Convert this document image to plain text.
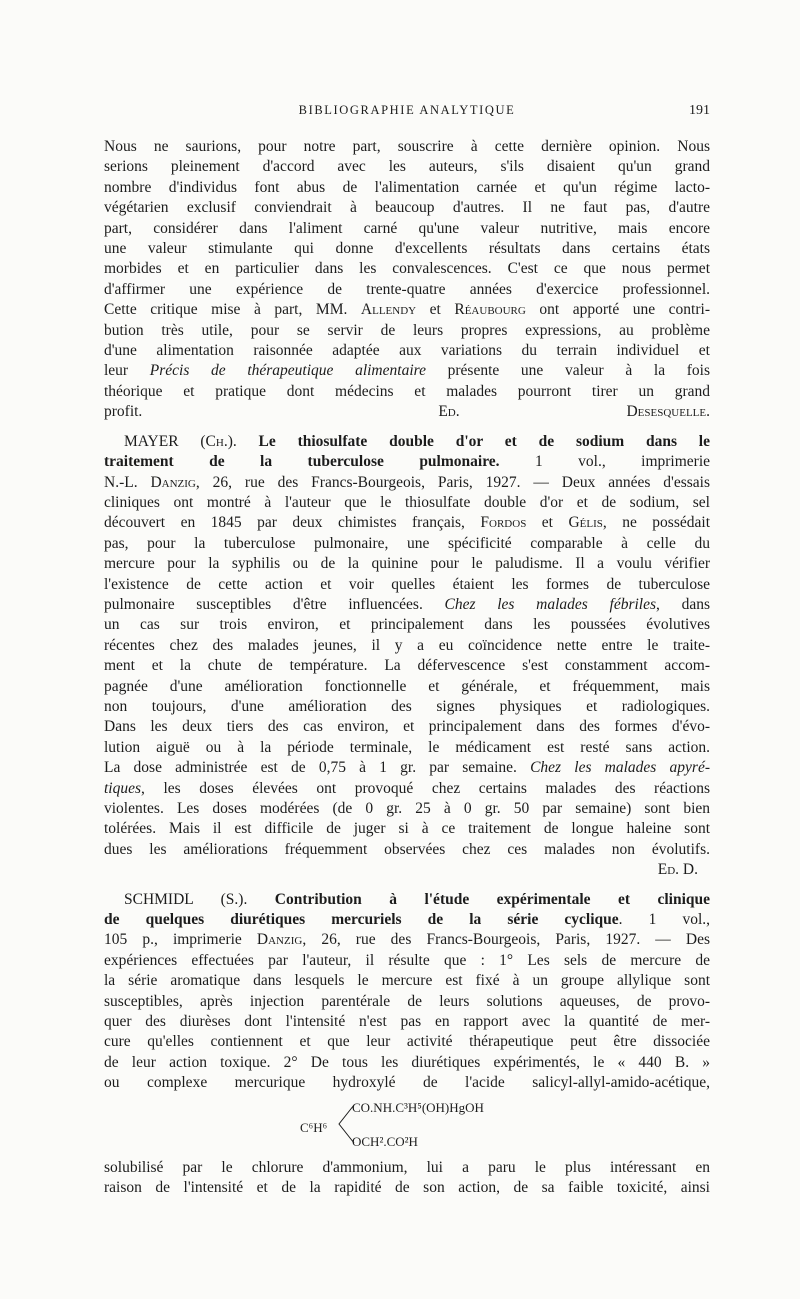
BIBLIOGRAPHIE ANALYTIQUE	191
Nous ne saurions, pour notre part, souscrire à cette dernière opinion. Nous
serions pleinement d'accord avec les auteurs, s'ils disaient qu'un grand
nombre d'individus font abus de l'alimentation carnée et qu'un régime lacto-
végétarien exclusif conviendrait à beaucoup d'autres. Il ne faut pas, d'autre
part, considérer dans l'aliment carné qu'une valeur nutritive, mais encore
une valeur stimulante qui donne d'excellents résultats dans certains états
morbides et en particulier dans les convalescences. C'est ce que nous permet
d'affirmer une expérience de trente-quatre années d'exercice professionnel.
Cette critique mise à part, MM. Allendy et Réaubourg ont apporté une contri-
bution très utile, pour se servir de leurs propres expressions, au problème
d'une alimentation raisonnée adaptée aux variations du terrain individuel et
leur Précis de thérapeutique alimentaire présente une valeur à la fois
théorique et pratique dont médecins et malades pourront tirer un grand
profit.	Ed. Desesquelle.
MAYER (Ch.). Le thiosulfate double d'or et de sodium dans le
traitement de la tuberculose pulmonaire. 1 vol., imprimerie
N.-L. Danzig, 26, rue des Francs-Bourgeois, Paris, 1927. — Deux années d'essais
cliniques ont montré à l'auteur que le thiosulfate double d'or et de sodium, sel
découvert en 1845 par deux chimistes français, Fordos et Gélis, ne possédait
pas, pour la tuberculose pulmonaire, une spécificité comparable à celle du
mercure pour la syphilis ou de la quinine pour le paludisme. Il a voulu vérifier
l'existence de cette action et voir quelles étaient les formes de tuberculose
pulmonaire susceptibles d'être influencées. Chez les malades fébriles, dans
un cas sur trois environ, et principalement dans les poussées évolutives
récentes chez des malades jeunes, il y a eu coïncidence nette entre le traite-
ment et la chute de température. La défervescence s'est constamment accom-
pagnée d'une amélioration fonctionnelle et générale, et fréquemment, mais
non toujours, d'une amélioration des signes physiques et radiologiques.
Dans les deux tiers des cas environ, et principalement dans des formes d'évo-
lution aiguë ou à la période terminale, le médicament est resté sans action.
La dose administrée est de 0,75 à 1 gr. par semaine. Chez les malades apyré-
tiques, les doses élevées ont provoqué chez certains malades des réactions
violentes. Les doses modérées (de 0 gr. 25 à 0 gr. 50 par semaine) sont bien
tolérées. Mais il est difficile de juger si à ce traitement de longue haleine sont
dues les améliorations fréquemment observées chez ces malades non évolutifs.
Ed. D.
SCHMIDL (S.). Contribution à l'étude expérimentale et clinique
de quelques diurétiques mercuriels de la série cyclique. 1 vol.,
105 p., imprimerie Danzig, 26, rue des Francs-Bourgeois, Paris, 1927. — Des
expériences effectuées par l'auteur, il résulte que : 1° Les sels de mercure de
la série aromatique dans lesquels le mercure est fixé à un groupe allylique sont
susceptibles, après injection parentérale de leurs solutions aqueuses, de provo-
quer des diurèses dont l'intensité n'est pas en rapport avec la quantité de mer-
cure qu'elles contiennent et que leur activité thérapeutique peut être dissociée
de leur action toxique. 2° De tous les diurétiques expérimentés, le « 440 B. »
ou complexe mercurique hydroxylé de l'acide salicyl-allyl-amido-acétique,
C⁶H⁶
CO.NH.C³H⁵(OH)HgOH
OCH².CO²H
solubilisé par le chlorure d'ammonium, lui a paru le plus intéressant en
raison de l'intensité et de la rapidité de son action, de sa faible toxicité, ainsi
